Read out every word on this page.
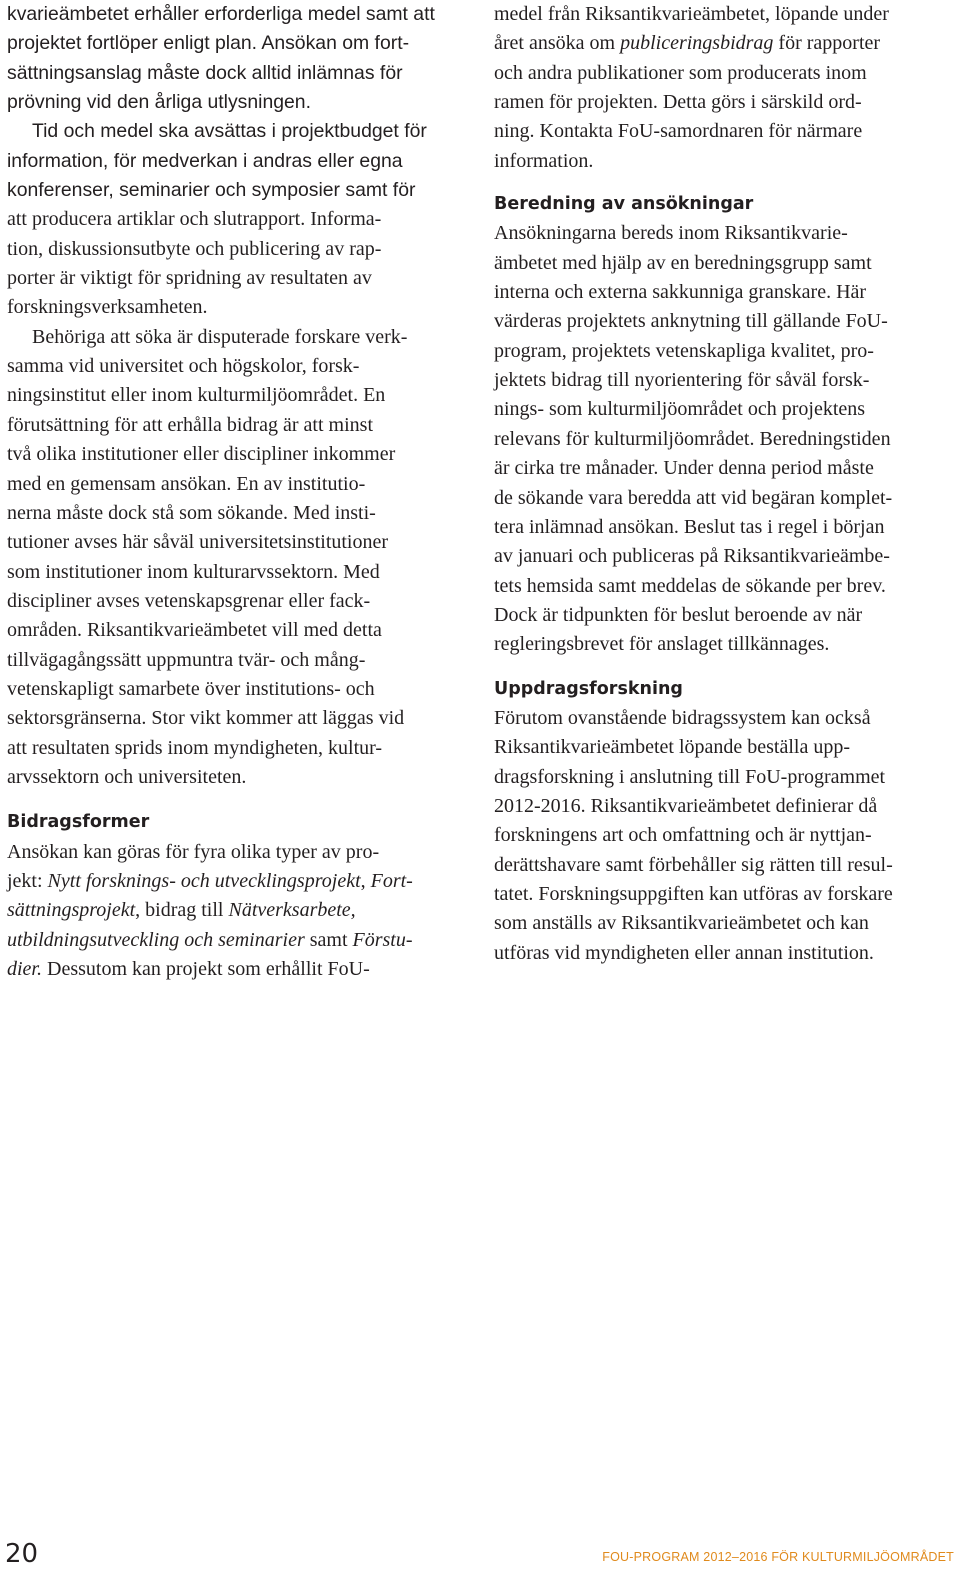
kvarieämbetet erhåller erforderliga medel samt att
projektet fortlöper enligt plan. Ansökan om fort-
sättningsanslag måste dock alltid inlämnas för
prövning vid den årliga utlysningen.
Tid och medel ska avsättas i projektbudget för
information, för medverkan i andras eller egna
konferenser, seminarier och symposier samt för
att producera artiklar och slutrapport. Informa-
tion, diskussionsutbyte och publicering av rap-
porter är viktigt för spridning av resultaten av
forskningsverksamheten.
Behöriga att söka är disputerade forskare verk-
samma vid universitet och högskolor, forsk-
ningsinstitut eller inom kulturmiljöområdet. En
förutsättning för att erhålla bidrag är att minst
två olika institutioner eller discipliner inkommer
med en gemensam ansökan. En av institutio-
nerna måste dock stå som sökande. Med insti-
tutioner avses här såväl universitetsinstitutioner
som institutioner inom kulturarvssektorn. Med
discipliner avses vetenskapsgrenar eller fack-
områden. Riksantikvarieämbetet vill med detta
tillvägagångssätt uppmuntra tvär- och mång-
vetenskapligt samarbete över institutions- och
sektorsgränserna. Stor vikt kommer att läggas vid
att resultaten sprids inom myndigheten, kultur-
arvssektorn och universiteten.
Bidragsformer
Ansökan kan göras för fyra olika typer av pro-
jekt: Nytt forsknings- och utvecklingsprojekt, Fort-
sättningsprojekt, bidrag till Nätverksarbete,
utbildningsutveckling och seminarier samt Förstu-
dier. Dessutom kan projekt som erhållit FoU-
medel från Riksantikvarieämbetet, löpande under
året ansöka om publiceringsbidrag för rapporter
och andra publikationer som producerats inom
ramen för projekten. Detta görs i särskild ord-
ning. Kontakta FoU-samordnaren för närmare
information.
Beredning av ansökningar
Ansökningarna bereds inom Riksantikvarie-
ämbetet med hjälp av en beredningsgrupp samt
interna och externa sakkunniga granskare. Här
värderas projektets anknytning till gällande FoU-
program, projektets vetenskapliga kvalitet, pro-
jektets bidrag till nyorientering för såväl forsk-
nings- som kulturmiljöområdet och projektens
relevans för kulturmiljöområdet. Beredningstiden
är cirka tre månader. Under denna period måste
de sökande vara beredda att vid begäran komplet-
tera inlämnad ansökan. Beslut tas i regel i början
av januari och publiceras på Riksantikvarieämbe-
tets hemsida samt meddelas de sökande per brev.
Dock är tidpunkten för beslut beroende av när
regleringsbrevet för anslaget tillkännages.
Uppdragsforskning
Förutom ovanstående bidragssystem kan också
Riksantikvarieämbetet löpande beställa upp-
dragsforskning i anslutning till FoU-programmet
2012-2016. Riksantikvarieämbetet definierar då
forskningens art och omfattning och är nyttjan-
derättshavare samt förbehåller sig rätten till resul-
tatet. Forskningsuppgiften kan utföras av forskare
som anställs av Riksantikvarieämbetet och kan
utföras vid myndigheten eller annan institution.
20	FOU-PROGRAM 2012–2016 FÖR KULTURMILJÖOMRÅDET
